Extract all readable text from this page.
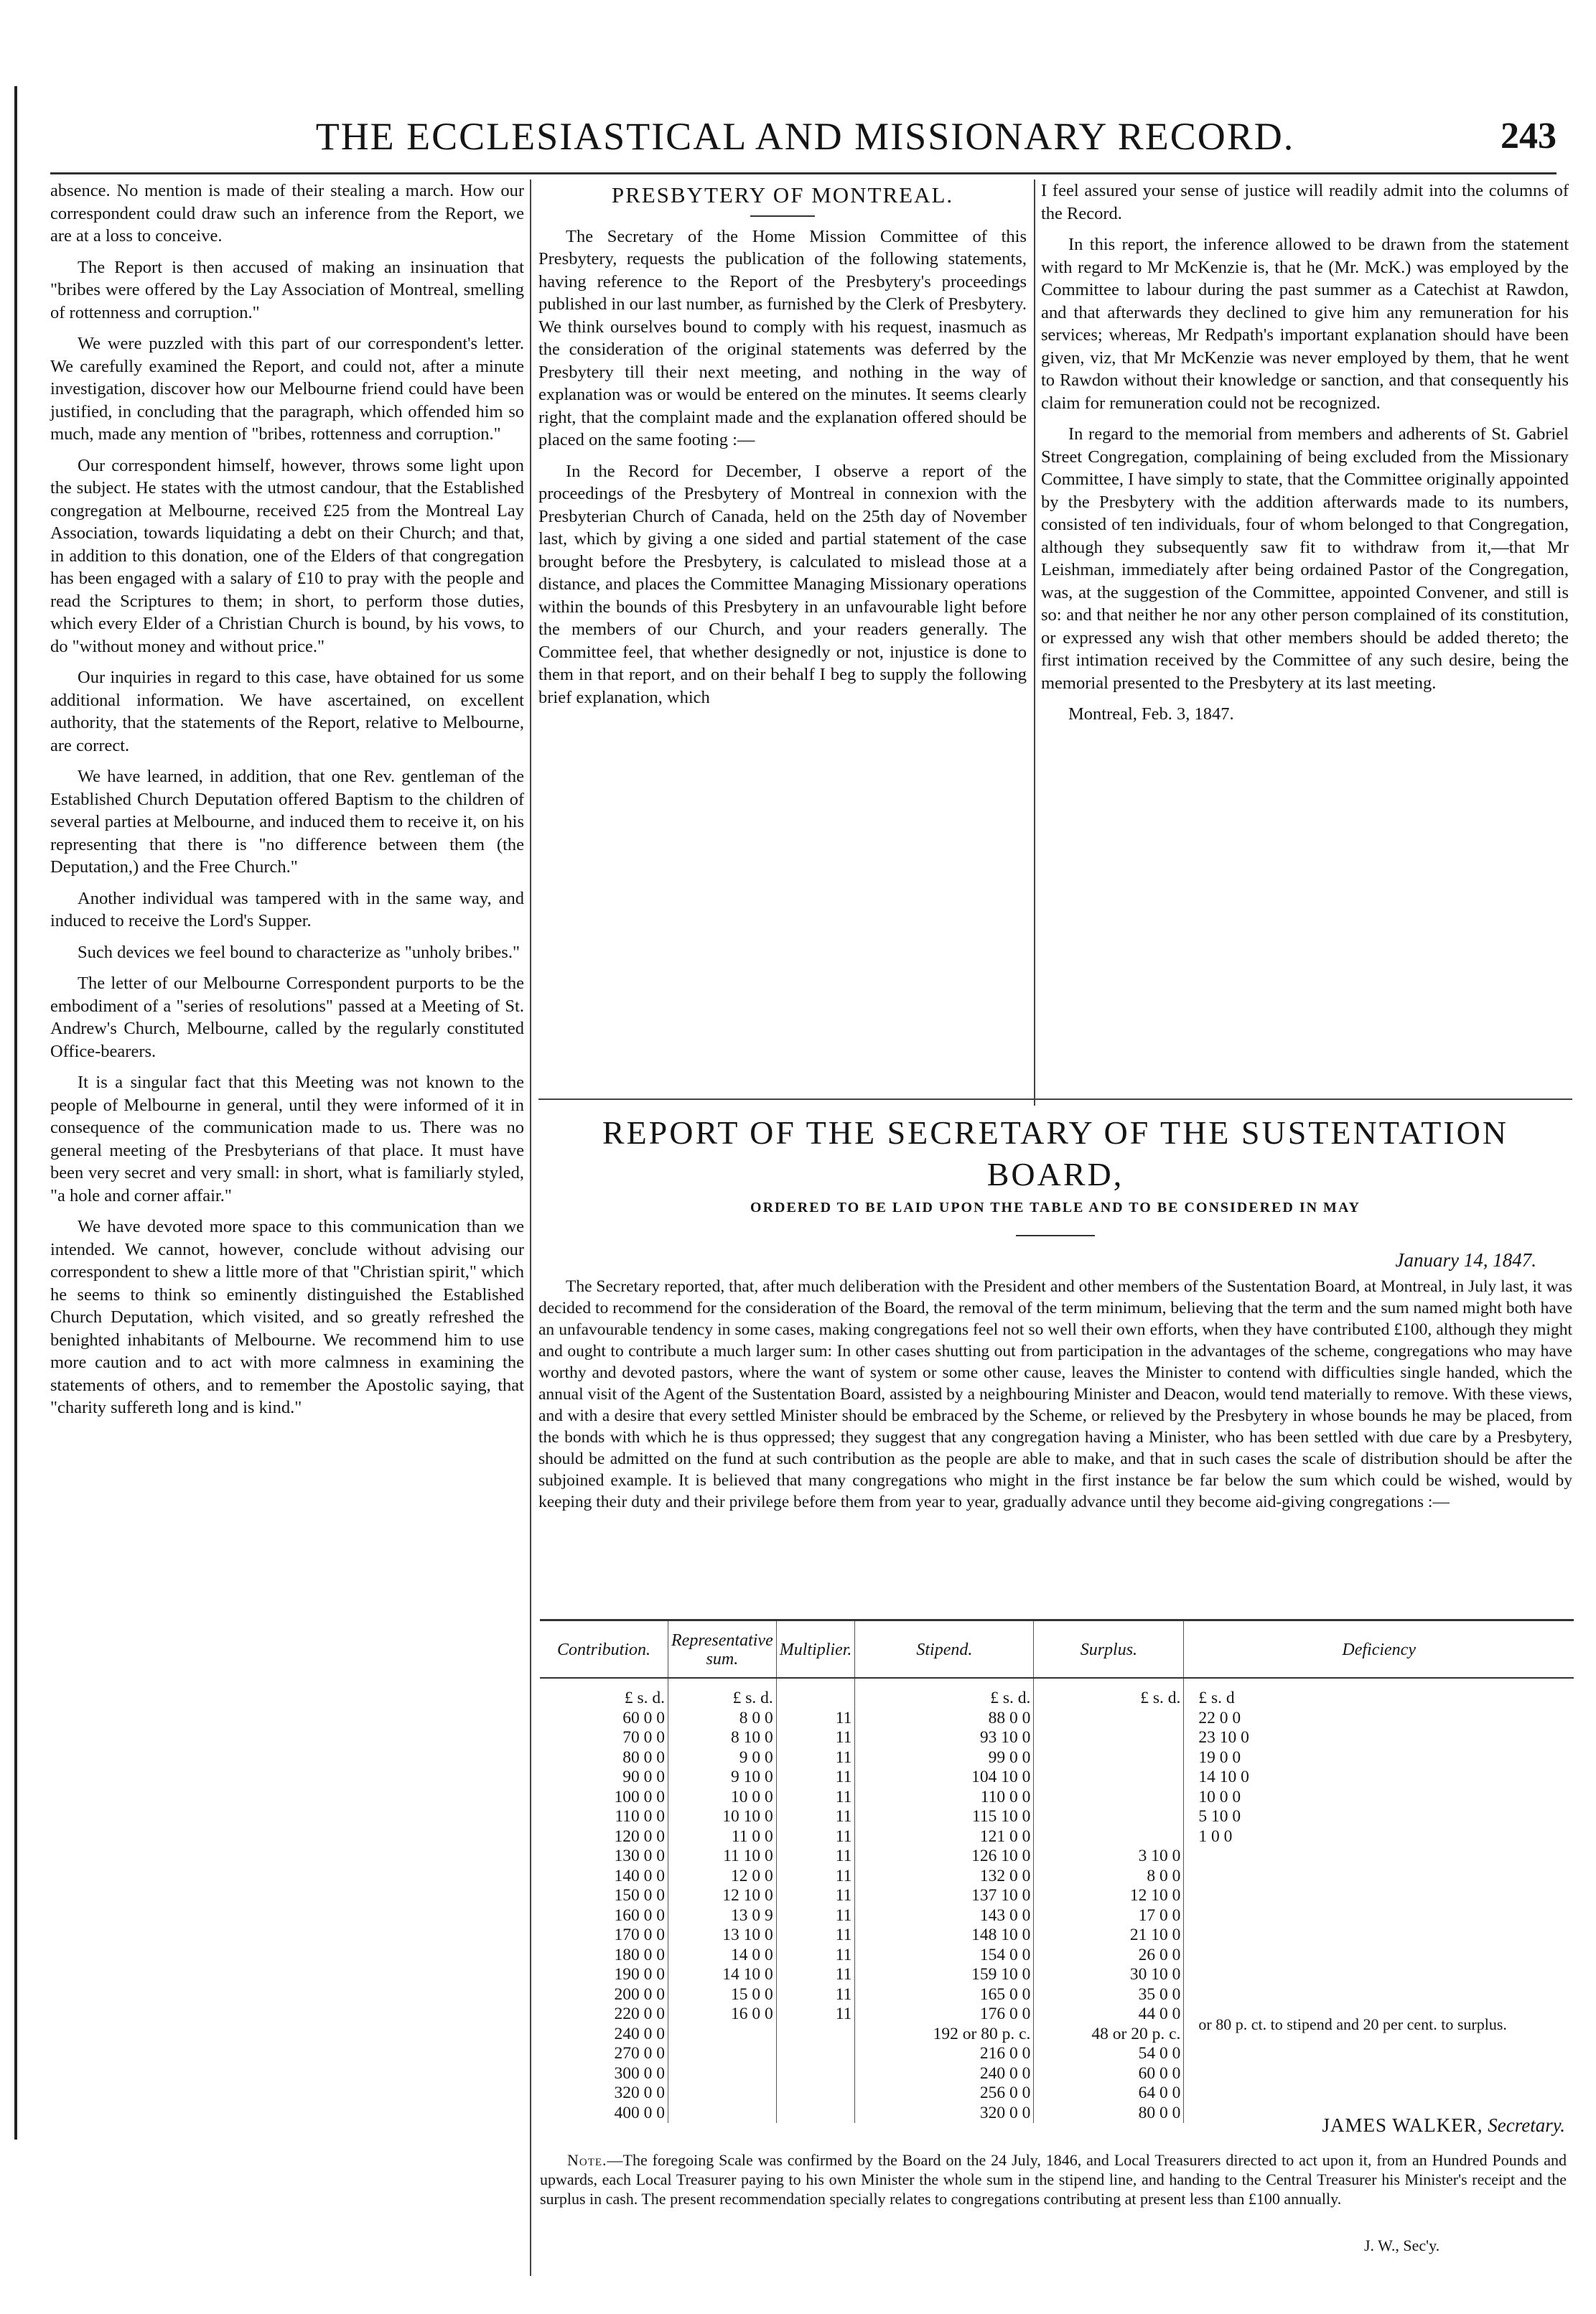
THE ECCLESIASTICAL AND MISSIONARY RECORD.	243

absence. No mention is made of their stealing a march. How our correspondent could draw such an inference from the Report, we are at a loss to conceive.

The Report is then accused of making an insinuation that "bribes were offered by the Lay Association of Montreal, smelling of rottenness and corruption."

We were puzzled with this part of our correspondent's letter. We carefully examined the Report, and could not, after a minute investigation, discover how our Melbourne friend could have been justified, in concluding that the paragraph, which offended him so much, made any mention of "bribes, rottenness and corruption."

Our correspondent himself, however, throws some light upon the subject. He states with the utmost candour, that the Established congregation at Melbourne, received £25 from the Montreal Lay Association, towards liquidating a debt on their Church; and that, in addition to this donation, one of the Elders of that congregation has been engaged with a salary of £10 to pray with the people and read the Scriptures to them; in short, to perform those duties, which every Elder of a Christian Church is bound, by his vows, to do "without money and without price."

Our inquiries in regard to this case, have obtained for us some additional information. We have ascertained, on excellent authority, that the statements of the Report, relative to Melbourne, are correct.

We have learned, in addition, that one Rev. gentleman of the Established Church Deputation offered Baptism to the children of several parties at Melbourne, and induced them to receive it, on his representing that there is "no difference between them (the Deputation,) and the Free Church."

Another individual was tampered with in the same way, and induced to receive the Lord's Supper.

Such devices we feel bound to characterize as "unholy bribes."

The letter of our Melbourne Correspondent purports to be the embodiment of a "series of resolutions" passed at a Meeting of St. Andrew's Church, Melbourne, called by the regularly constituted Office-bearers.

It is a singular fact that this Meeting was not known to the people of Melbourne in general, until they were informed of it in consequence of the communication made to us. There was no general meeting of the Presbyterians of that place. It must have been very secret and very small: in short, what is familiarly styled, "a hole and corner affair."

We have devoted more space to this communication than we intended. We cannot, however, conclude without advising our correspondent to shew a little more of that "Christian spirit," which he seems to think so eminently distinguished the Established Church Deputation, which visited, and so greatly refreshed the benighted inhabitants of Melbourne. We recommend him to use more caution and to act with more calmness in examining the statements of others, and to remember the Apostolic saying, that "charity suffereth long and is kind."

PRESBYTERY OF MONTREAL.

The Secretary of the Home Mission Committee of this Presbytery, requests the publication of the following statements, having reference to the Report of the Presbytery's proceedings published in our last number, as furnished by the Clerk of Presbytery. We think ourselves bound to comply with his request, inasmuch as the consideration of the original statements was deferred by the Presbytery till their next meeting, and nothing in the way of explanation was or would be entered on the minutes. It seems clearly right, that the complaint made and the explanation offered should be placed on the same footing :—

In the Record for December, I observe a report of the proceedings of the Presbytery of Montreal in connexion with the Presbyterian Church of Canada, held on the 25th day of November last, which by giving a one sided and partial statement of the case brought before the Presbytery, is calculated to mislead those at a distance, and places the Committee Managing Missionary operations within the bounds of this Presbytery in an unfavourable light before the members of our Church, and your readers generally. The Committee feel, that whether designedly or not, injustice is done to them in that report, and on their behalf I beg to supply the following brief explanation, which

I feel assured your sense of justice will readily admit into the columns of the Record.

In this report, the inference allowed to be drawn from the statement with regard to Mr McKenzie is, that he (Mr. McK.) was employed by the Committee to labour during the past summer as a Catechist at Rawdon, and that afterwards they declined to give him any remuneration for his services; whereas, Mr Redpath's important explanation should have been given, viz, that Mr McKenzie was never employed by them, that he went to Rawdon without their knowledge or sanction, and that consequently his claim for remuneration could not be recognized.

In regard to the memorial from members and adherents of St. Gabriel Street Congregation, complaining of being excluded from the Missionary Committee, I have simply to state, that the Committee originally appointed by the Presbytery with the addition afterwards made to its numbers, consisted of ten individuals, four of whom belonged to that Congregation, although they subsequently saw fit to withdraw from it,—that Mr Leishman, immediately after being ordained Pastor of the Congregation, was, at the suggestion of the Committee, appointed Convener, and still is so: and that neither he nor any other person complained of its constitution, or expressed any wish that other members should be added thereto; the first intimation received by the Committee of any such desire, being the memorial presented to the Presbytery at its last meeting.

Montreal, Feb. 3, 1847.

REPORT OF THE SECRETARY OF THE SUSTENTATION BOARD,
ORDERED TO BE LAID UPON THE TABLE AND TO BE CONSIDERED IN MAY
January 14, 1847.

The Secretary reported, that, after much deliberation with the President and other members of the Sustentation Board, at Montreal, in July last, it was decided to recommend for the consideration of the Board, the removal of the term minimum, believing that the term and the sum named might both have an unfavourable tendency in some cases, making congregations feel not so well their own efforts, when they have contributed £100, although they might and ought to contribute a much larger sum: In other cases shutting out from participation in the advantages of the scheme, congregations who may have worthy and devoted pastors, where the want of system or some other cause, leaves the Minister to contend with difficulties single handed, which the annual visit of the Agent of the Sustentation Board, assisted by a neighbouring Minister and Deacon, would tend materially to remove. With these views, and with a desire that every settled Minister should be embraced by the Scheme, or relieved by the Presbytery in whose bounds he may be placed, from the bonds with which he is thus oppressed; they suggest that any congregation having a Minister, who has been settled with due care by a Presbytery, should be admitted on the fund at such contribution as the people are able to make, and that in such cases the scale of distribution should be after the subjoined example. It is believed that many congregations who might in the first instance be far below the sum which could be wished, would by keeping their duty and their privilege before them from year to year, gradually advance until they become aid-giving congregations :—

Contribution.	Representative sum.	Multiplier.	Stipend.	Surplus.	Deficiency
£ s. d.	£ s. d.		£ s. d.	£ s. d.	£ s. d
60 0 0	8 0 0	11	88 0 0		22 0 0
70 0 0	8 10 0	11	93 10 0		23 10 0
80 0 0	9 0 0	11	99 0 0		19 0 0
90 0 0	9 10 0	11	104 10 0		14 10 0
100 0 0	10 0 0	11	110 0 0		10 0 0
110 0 0	10 10 0	11	115 10 0		5 10 0
120 0 0	11 0 0	11	121 0 0		1 0 0
130 0 0	11 10 0	11	126 10 0	3 10 0	
140 0 0	12 0 0	11	132 0 0	8 0 0	
150 0 0	12 10 0	11	137 10 0	12 10 0	
160 0 0	13 0 9	11	143 0 0	17 0 0	
170 0 0	13 10 0	11	148 10 0	21 10 0	
180 0 0	14 0 0	11	154 0 0	26 0 0	
190 0 0	14 10 0	11	159 10 0	30 10 0	
200 0 0	15 0 0	11	165 0 0	35 0 0	
220 0 0	16 0 0	11	176 0 0	44 0 0	or 80 p. ct. to stipend and 20 per cent. to surplus.
240 0 0			192 or 80 p. c.	48 or 20 p. c.	
270 0 0			216 0 0	54 0 0	
300 0 0			240 0 0	60 0 0	
320 0 0			256 0 0	64 0 0	
400 0 0			320 0 0	80 0 0	
JAMES WALKER, Secretary.
Note.—The foregoing Scale was confirmed by the Board on the 24 July, 1846, and Local Treasurers directed to act upon it, from an Hundred Pounds and upwards, each Local Treasurer paying to his own Minister the whole sum in the stipend line, and handing to the Central Treasurer his Minister's receipt and the surplus in cash. The present recommendation specially relates to congregations contributing at present less than £100 annually.
J. W., Sec'y.
